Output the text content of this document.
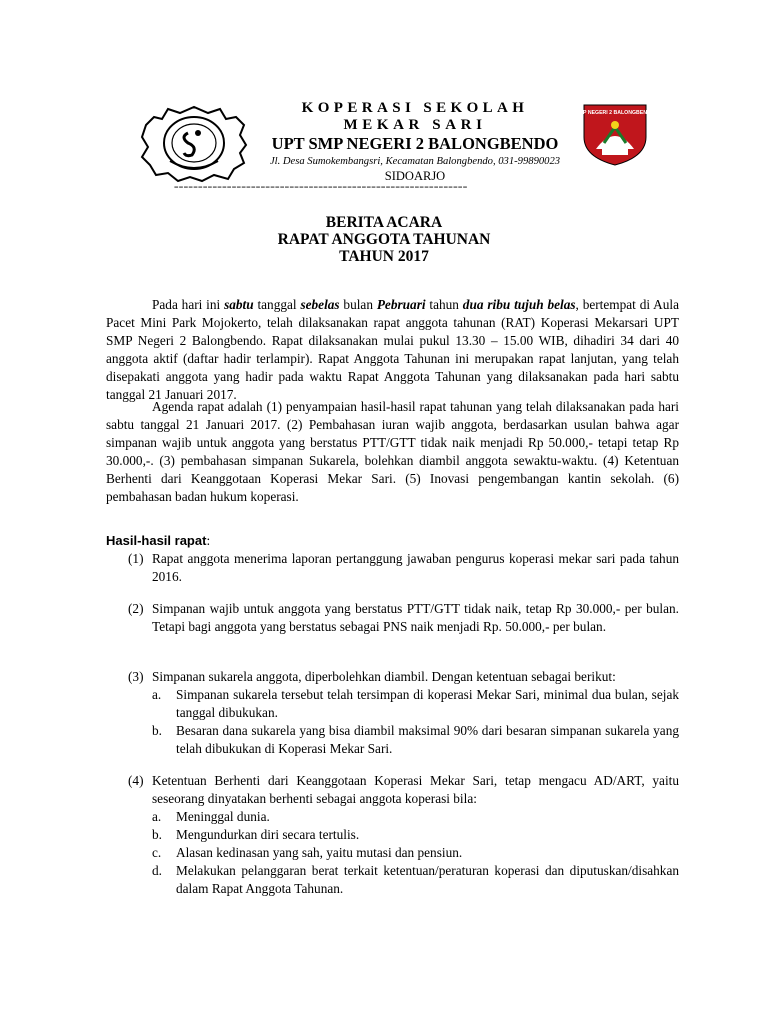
KOPERASI SEKOLAH
MEKAR SARI
UPT SMP NEGERI 2 BALONGBENDO
Jl. Desa Sumokembangsri, Kecamatan Balongbendo, 031-99890023
SIDOARJO
SMP NEGERI 2 BALONGBENDO
=============================================================
BERITA ACARA
RAPAT ANGGOTA TAHUNAN
TAHUN 2017
Pada hari ini sabtu tanggal sebelas bulan Pebruari tahun dua ribu tujuh belas, bertempat di Aula Pacet Mini Park Mojokerto, telah dilaksanakan rapat anggota tahunan (RAT) Koperasi Mekarsari UPT SMP Negeri 2 Balongbendo. Rapat dilaksanakan mulai pukul 13.30 – 15.00 WIB, dihadiri 34 dari 40 anggota aktif (daftar hadir terlampir). Rapat Anggota Tahunan ini merupakan rapat lanjutan, yang telah disepakati anggota yang hadir pada waktu Rapat Anggota Tahunan yang dilaksanakan pada hari sabtu tanggal 21 Januari 2017.
Agenda rapat adalah (1) penyampaian hasil-hasil rapat tahunan yang telah dilaksanakan pada hari sabtu tanggal 21 Januari 2017. (2) Pembahasan iuran wajib anggota, berdasarkan usulan bahwa agar simpanan wajib untuk anggota yang berstatus PTT/GTT tidak naik menjadi Rp 50.000,- tetapi tetap Rp 30.000,-. (3) pembahasan simpanan Sukarela, bolehkan diambil anggota sewaktu-waktu. (4) Ketentuan Berhenti dari Keanggotaan Koperasi Mekar Sari. (5) Inovasi pengembangan kantin sekolah. (6) pembahasan badan hukum koperasi.
Hasil-hasil rapat:
(1) Rapat anggota menerima laporan pertanggung jawaban pengurus koperasi mekar sari pada tahun 2016.
(2) Simpanan wajib untuk anggota yang berstatus PTT/GTT tidak naik, tetap Rp 30.000,- per bulan. Tetapi bagi anggota yang berstatus sebagai PNS naik menjadi Rp. 50.000,- per bulan.
(3) Simpanan sukarela anggota, diperbolehkan diambil. Dengan ketentuan sebagai berikut:
a. Simpanan sukarela tersebut telah tersimpan di koperasi Mekar Sari, minimal dua bulan, sejak tanggal dibukukan.
b. Besaran dana sukarela yang bisa diambil maksimal 90% dari besaran simpanan sukarela yang telah dibukukan di Koperasi Mekar Sari.
(4) Ketentuan Berhenti dari Keanggotaan Koperasi Mekar Sari, tetap mengacu AD/ART, yaitu seseorang dinyatakan berhenti sebagai anggota koperasi bila:
a. Meninggal dunia.
b. Mengundurkan diri secara tertulis.
c. Alasan kedinasan yang sah, yaitu mutasi dan pensiun.
d. Melakukan pelanggaran berat terkait ketentuan/peraturan koperasi dan diputuskan/disahkan dalam Rapat Anggota Tahunan.
